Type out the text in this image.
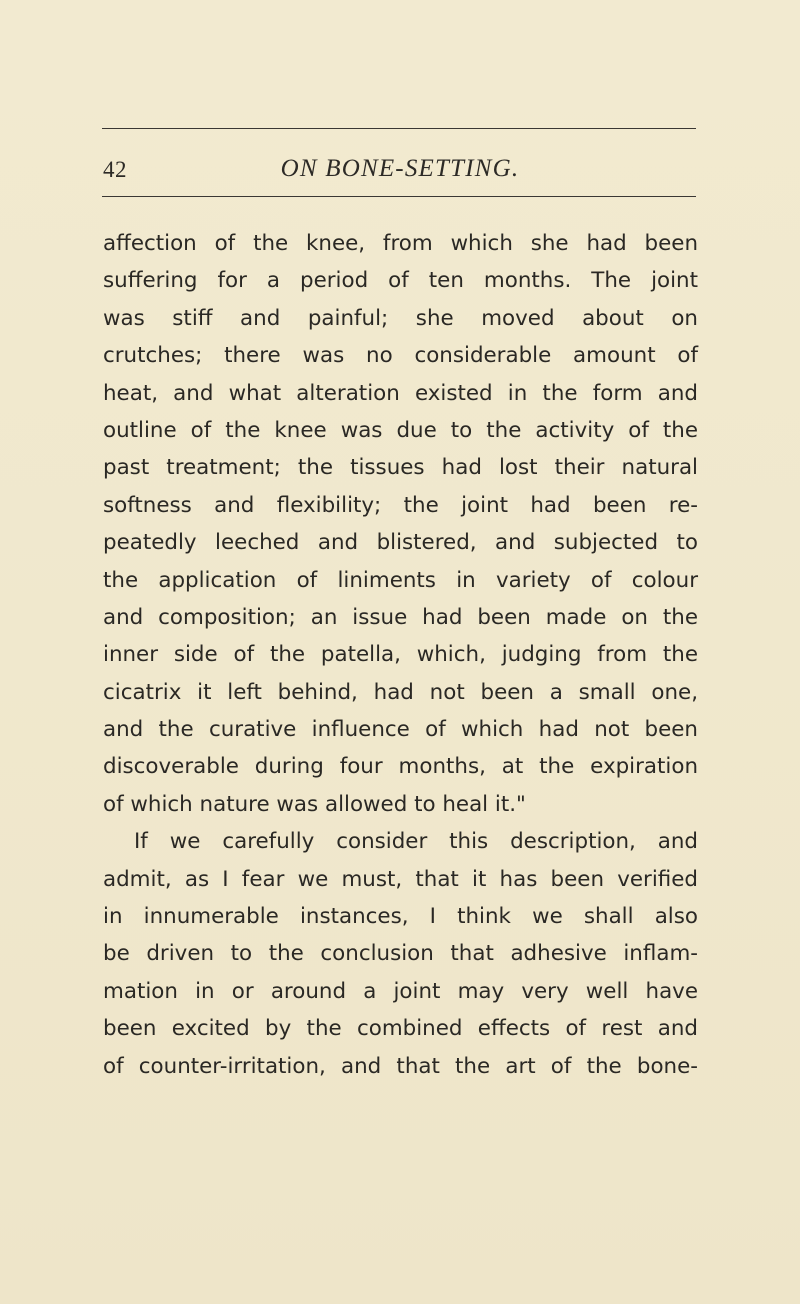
42	ON BONE-SETTING.
affection of the knee, from which she had been
suffering for a period of ten months. The joint
was stiff and painful; she moved about on
crutches; there was no considerable amount of
heat, and what alteration existed in the form and
outline of the knee was due to the activity of the
past treatment; the tissues had lost their natural
softness and flexibility; the joint had been re-
peatedly leeched and blistered, and subjected to
the application of liniments in variety of colour
and composition; an issue had been made on the
inner side of the patella, which, judging from the
cicatrix it left behind, had not been a small one,
and the curative influence of which had not been
discoverable during four months, at the expiration
of which nature was allowed to heal it."
If we carefully consider this description, and
admit, as I fear we must, that it has been verified
in innumerable instances, I think we shall also
be driven to the conclusion that adhesive inflam-
mation in or around a joint may very well have
been excited by the combined effects of rest and
of counter-irritation, and that the art of the bone-
